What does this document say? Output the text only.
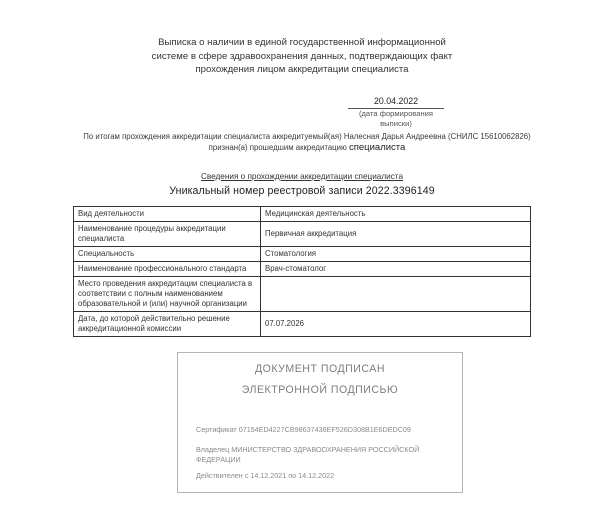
Выписка о наличии в единой государственной информационной
системе в сфере здравоохранения данных, подтверждающих факт
прохождения лицом аккредитации специалиста
20.04.2022
(дата формирования выписки)
По итогам прохождения аккредитации специалиста аккредитуемый(ая) Налесная Дарья Андреевна (СНИЛС 15610062826)
признан(а) прошедшим аккредитацию специалиста
Сведения о прохождении аккредитации специалиста
Уникальный номер реестровой записи 2022.3396149
Вид деятельности	Медицинская деятельность
Наименование процедуры аккредитации специалиста	Первичная аккредитация
Специальность	Стоматология
Наименование профессионального стандарта	Врач-стоматолог
Место проведения аккредитации специалиста в соответствии с полным наименованием образовательной и (или) научной организации	
Дата, до которой действительно решение аккредитационной комиссии	07.07.2026
ДОКУМЕНТ ПОДПИСАН
ЭЛЕКТРОННОЙ ПОДПИСЬЮ
Сертификат 07154ED4227CB98637436EF526D308B1E6DEDC09
Владелец МИНИСТЕРСТВО ЗДРАВООХРАНЕНИЯ РОССИЙСКОЙ ФЕДЕРАЦИИ
Действителен с 14.12.2021 по 14.12.2022
